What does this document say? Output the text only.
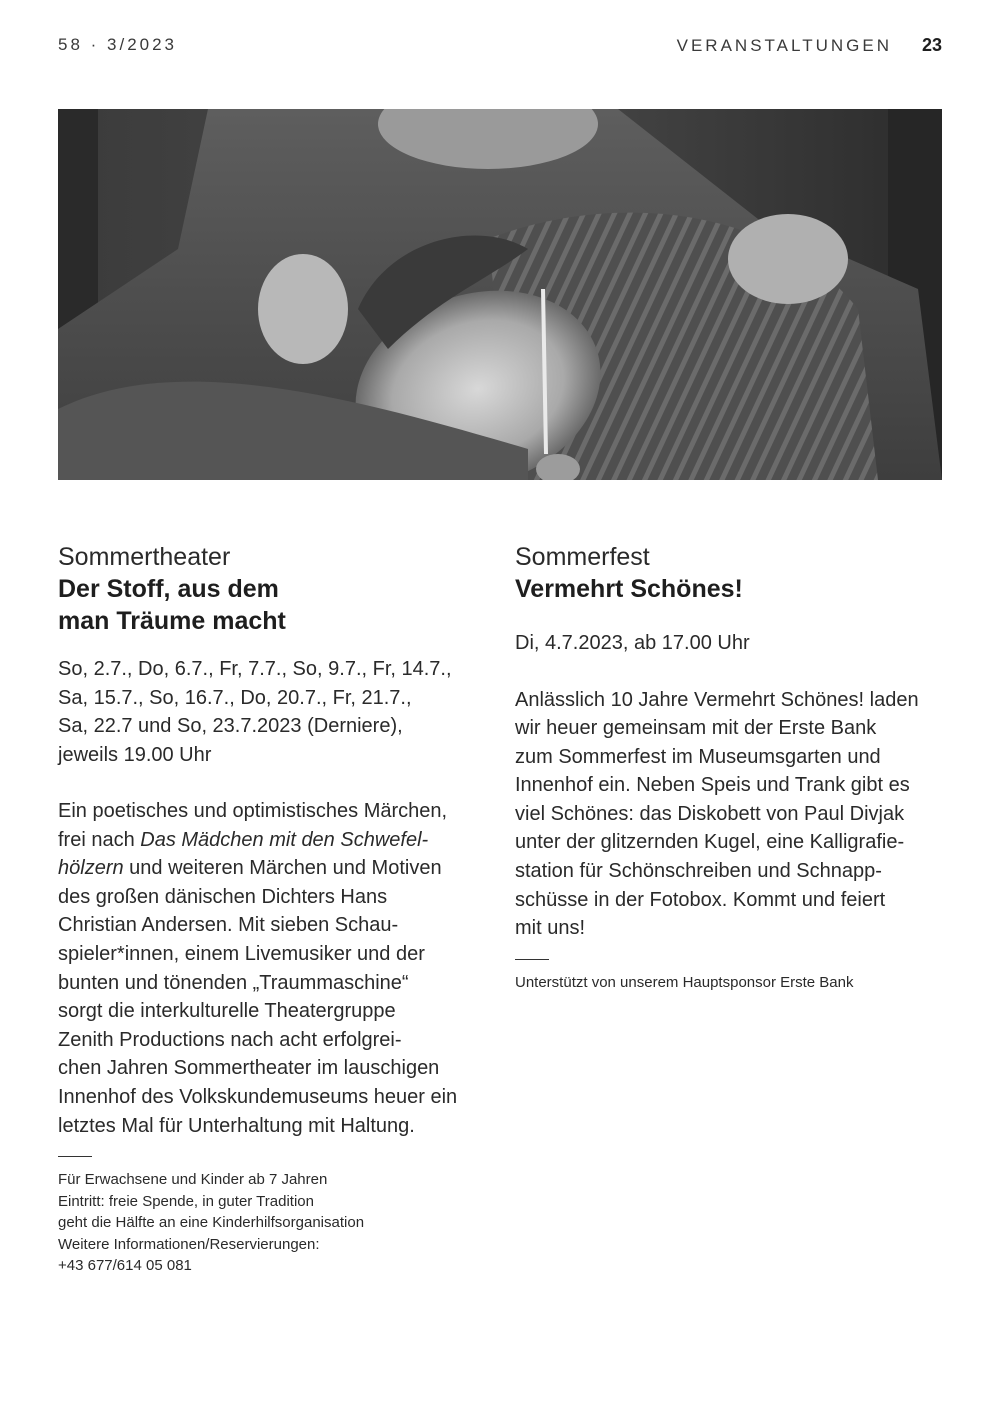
58 · 3/2023	VERANSTALTUNGEN 23

Sommertheater

Der Stoff, aus dem
man Träume macht

So, 2.7., Do, 6.7., Fr, 7.7., So, 9.7., Fr, 14.7.,
Sa, 15.7., So, 16.7., Do, 20.7., Fr, 21.7.,
Sa, 22.7 und So, 23.7.2023 (Derniere),
jeweils 19.00 Uhr

Ein poetisches und optimistisches Märchen,
frei nach Das Mädchen mit den Schwefel-
hölzern und weiteren Märchen und Motiven
des großen dänischen Dichters Hans
Christian Andersen. Mit sieben Schau-
spieler*innen, einem Livemusiker und der
bunten und tönenden „Traummaschine“
sorgt die interkulturelle Theatergruppe
Zenith Productions nach acht erfolgrei-
chen Jahren Sommertheater im lauschigen
Innenhof des Volkskundemuseums heuer ein
letztes Mal für Unterhaltung mit Haltung.

Für Erwachsene und Kinder ab 7 Jahren
Eintritt: freie Spende, in guter Tradition
geht die Hälfte an eine Kinderhilfsorganisation
Weitere Informationen/Reservierungen:
+43 677/614 05 081

Sommerfest

Vermehrt Schönes!

Di, 4.7.2023, ab 17.00 Uhr

Anlässlich 10 Jahre Vermehrt Schönes! laden
wir heuer gemeinsam mit der Erste Bank
zum Sommerfest im Museumsgarten und
Innenhof ein. Neben Speis und Trank gibt es
viel Schönes: das Diskobett von Paul Divjak
unter der glitzernden Kugel, eine Kalligrafie-
station für Schönschreiben und Schnapp-
schüsse in der Fotobox. Kommt und feiert
mit uns!

Unterstützt von unserem Hauptsponsor Erste Bank
